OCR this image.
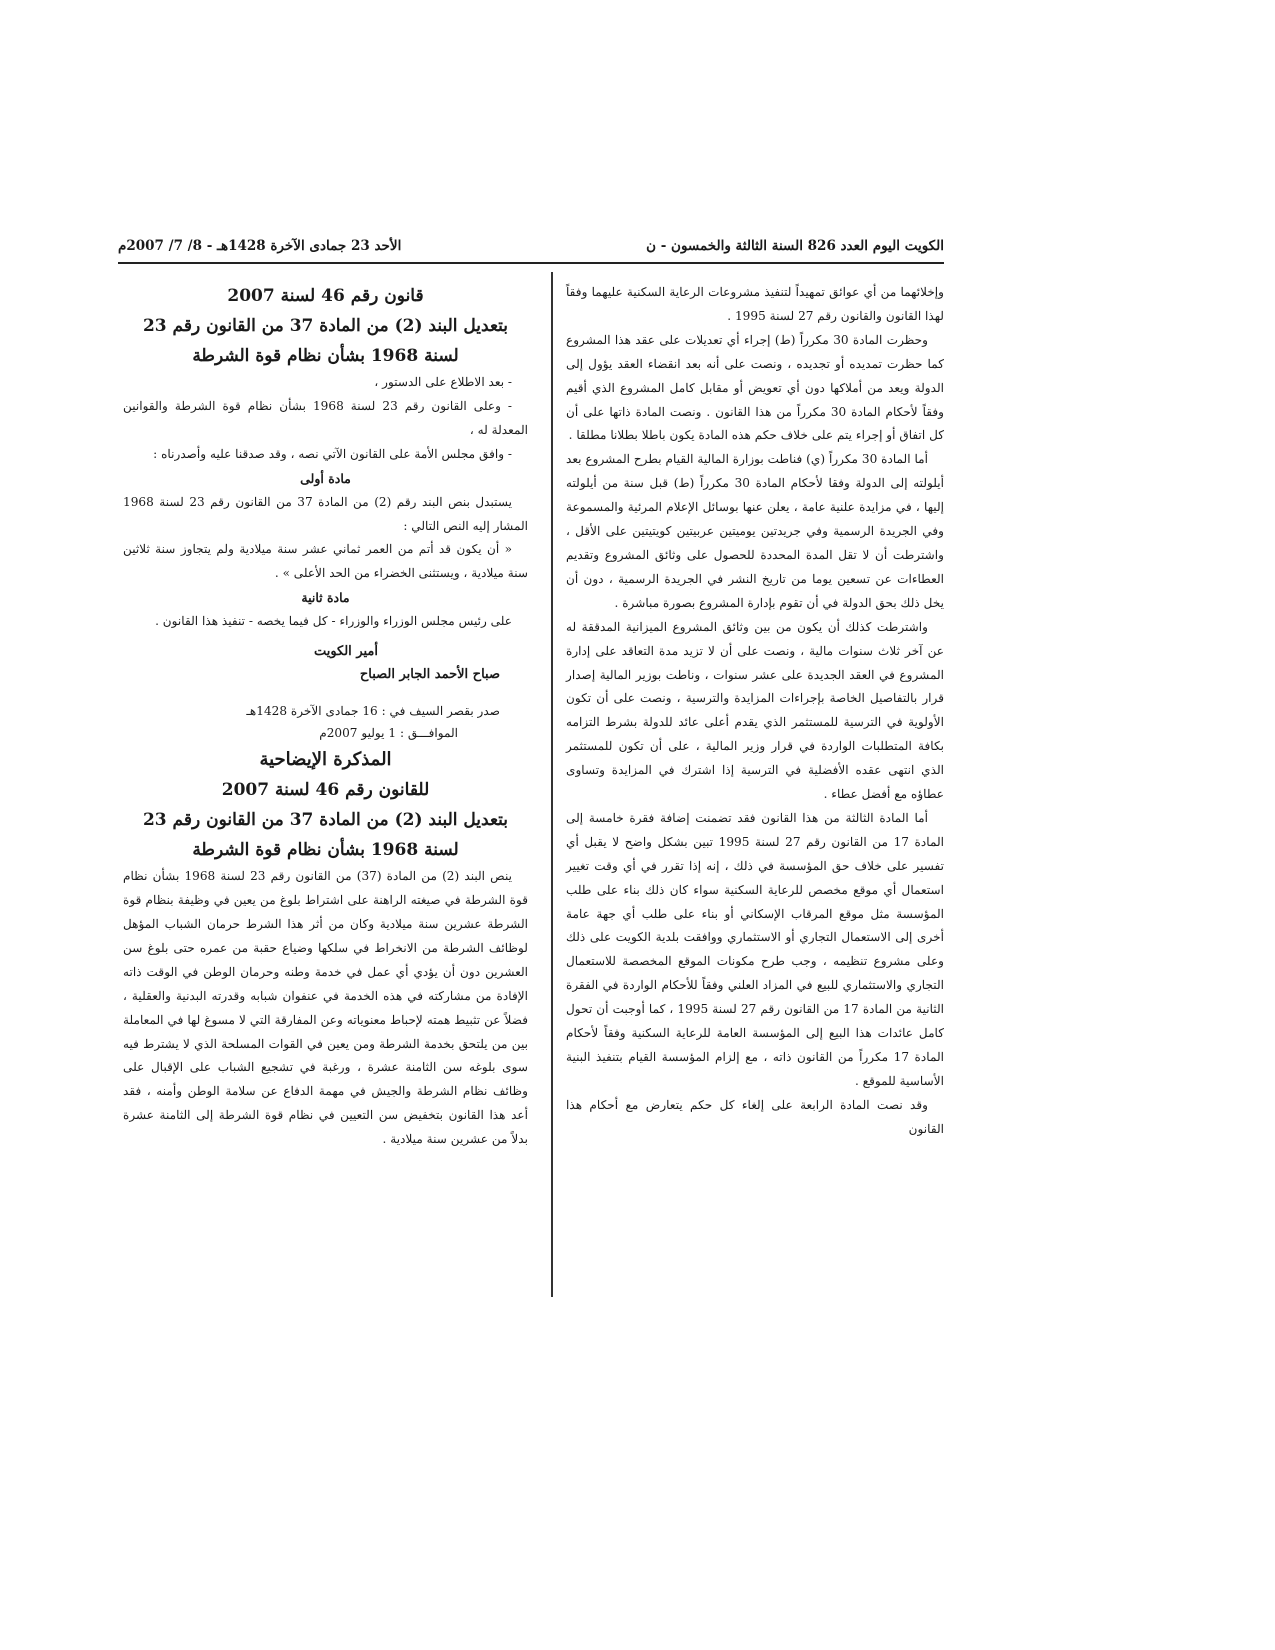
الكويت اليوم العدد 826 السنة الثالثة والخمسون - ن
الأحد 23 جمادى الآخرة 1428هـ - 8/ 7/ 2007م

وإخلائهما من أي عوائق تمهيداً لتنفيذ مشروعات الرعاية السكنية عليهما وفقاً لهذا القانون والقانون رقم 27 لسنة 1995 .

وحظرت المادة 30 مكرراً (ط) إجراء أي تعديلات على عقد هذا المشروع كما حظرت تمديده أو تجديده ، ونصت على أنه بعد انقضاء العقد يؤول إلى الدولة ويعد من أملاكها دون أي تعويض أو مقابل كامل المشروع الذي أقيم وفقاً لأحكام المادة 30 مكرراً من هذا القانون . ونصت المادة ذاتها على أن كل اتفاق أو إجراء يتم على خلاف حكم هذه المادة يكون باطلا بطلانا مطلقا .

أما المادة 30 مكرراً (ي) فناطت بوزارة المالية القيام بطرح المشروع بعد أيلولته إلى الدولة وفقا لأحكام المادة 30 مكرراً (ط) قبل سنة من أيلولته إليها ، في مزايدة علنية عامة ، يعلن عنها بوسائل الإعلام المرئية والمسموعة وفي الجريدة الرسمية وفي جريدتين يوميتين عربيتين كويتيتين على الأقل ، واشترطت أن لا تقل المدة المحددة للحصول على وثائق المشروع وتقديم العطاءات عن تسعين يوما من تاريخ النشر في الجريدة الرسمية ، دون أن يخل ذلك بحق الدولة في أن تقوم بإدارة المشروع بصورة مباشرة .

واشترطت كذلك أن يكون من بين وثائق المشروع الميزانية المدققة له عن آخر ثلاث سنوات مالية ، ونصت على أن لا تزيد مدة التعاقد على إدارة المشروع في العقد الجديدة على عشر سنوات ، وناطت بوزير المالية إصدار قرار بالتفاصيل الخاصة بإجراءات المزايدة والترسية ، ونصت على أن تكون الأولوية في الترسية للمستثمر الذي يقدم أعلى عائد للدولة بشرط التزامه بكافة المتطلبات الواردة في قرار وزير المالية ، على أن تكون للمستثمر الذي انتهى عقده الأفضلية في الترسية إذا اشترك في المزايدة وتساوى عطاؤه مع أفضل عطاء .

أما المادة الثالثة من هذا القانون فقد تضمنت إضافة فقرة خامسة إلى المادة 17 من القانون رقم 27 لسنة 1995 تبين بشكل واضح لا يقبل أي تفسير على خلاف حق المؤسسة في ذلك ، إنه إذا تقرر في أي وقت تغيير استعمال أي موقع مخصص للرعاية السكنية سواء كان ذلك بناء على طلب المؤسسة مثل موقع المرقاب الإسكاني أو بناء على طلب أي جهة عامة أخرى إلى الاستعمال التجاري أو الاستثماري ووافقت بلدية الكويت على ذلك وعلى مشروع تنظيمه ، وجب طرح مكونات الموقع المخصصة للاستعمال التجاري والاستثماري للبيع في المزاد العلني وفقاً للأحكام الواردة في الفقرة الثانية من المادة 17 من القانون رقم 27 لسنة 1995 ، كما أوجبت أن تحول كامل عائدات هذا البيع إلى المؤسسة العامة للرعاية السكنية وفقاً لأحكام المادة 17 مكرراً من القانون ذاته ، مع إلزام المؤسسة القيام بتنفيذ البنية الأساسية للموقع .

وقد نصت المادة الرابعة على إلغاء كل حكم يتعارض مع أحكام هذا القانون

قانون رقم 46 لسنة 2007
بتعديل البند (2) من المادة 37 من القانون رقم 23
لسنة 1968 بشأن نظام قوة الشرطة

- بعد الاطلاع على الدستور ،

- وعلى القانون رقم 23 لسنة 1968 بشأن نظام قوة الشرطة والقوانين المعدلة له ،

- وافق مجلس الأمة على القانون الآتي نصه ، وقد صدقنا عليه وأصدرناه :

مادة أولى

يستبدل بنص البند رقم (2) من المادة 37 من القانون رقم 23 لسنة 1968 المشار إليه النص التالي :

« أن يكون قد أتم من العمر ثماني عشر سنة ميلادية ولم يتجاوز سنة ثلاثين سنة ميلادية ، ويستثنى الخضراء من الحد الأعلى » .

مادة ثانية

على رئيس مجلس الوزراء والوزراء - كل فيما يخصه - تنفيذ هذا القانون .

أمير الكويت
صباح الأحمد الجابر الصباح
صدر بقصر السيف في : 16 جمادى الآخرة 1428هـ
الموافـــق : 1 يوليو 2007م
المذكرة الإيضاحية
للقانون رقم 46 لسنة 2007
بتعديل البند (2) من المادة 37 من القانون رقم 23
لسنة 1968 بشأن نظام قوة الشرطة

ينص البند (2) من المادة (37) من القانون رقم 23 لسنة 1968 بشأن نظام قوة الشرطة في صيغته الراهنة على اشتراط بلوغ من يعين في وظيفة بنظام قوة الشرطة عشرين سنة ميلادية وكان من أثر هذا الشرط حرمان الشباب المؤهل لوظائف الشرطة من الانخراط في سلكها وضياع حقبة من عمره حتى بلوغ سن العشرين دون أن يؤدي أي عمل في خدمة وطنه وحرمان الوطن في الوقت ذاته الإفادة من مشاركته في هذه الخدمة في عنفوان شبابه وقدرته البدنية والعقلية ، فضلاً عن تثبيط همته لإحباط معنوياته وعن المفارقة التي لا مسوغ لها في المعاملة بين من يلتحق بخدمة الشرطة ومن يعين في القوات المسلحة الذي لا يشترط فيه سوى بلوغه سن الثامنة عشرة ، ورغبة في تشجيع الشباب على الإقبال على وظائف نظام الشرطة والجيش في مهمة الدفاع عن سلامة الوطن وأمنه ، فقد أعد هذا القانون بتخفيض سن التعيين في نظام قوة الشرطة إلى الثامنة عشرة بدلاً من عشرين سنة ميلادية .
